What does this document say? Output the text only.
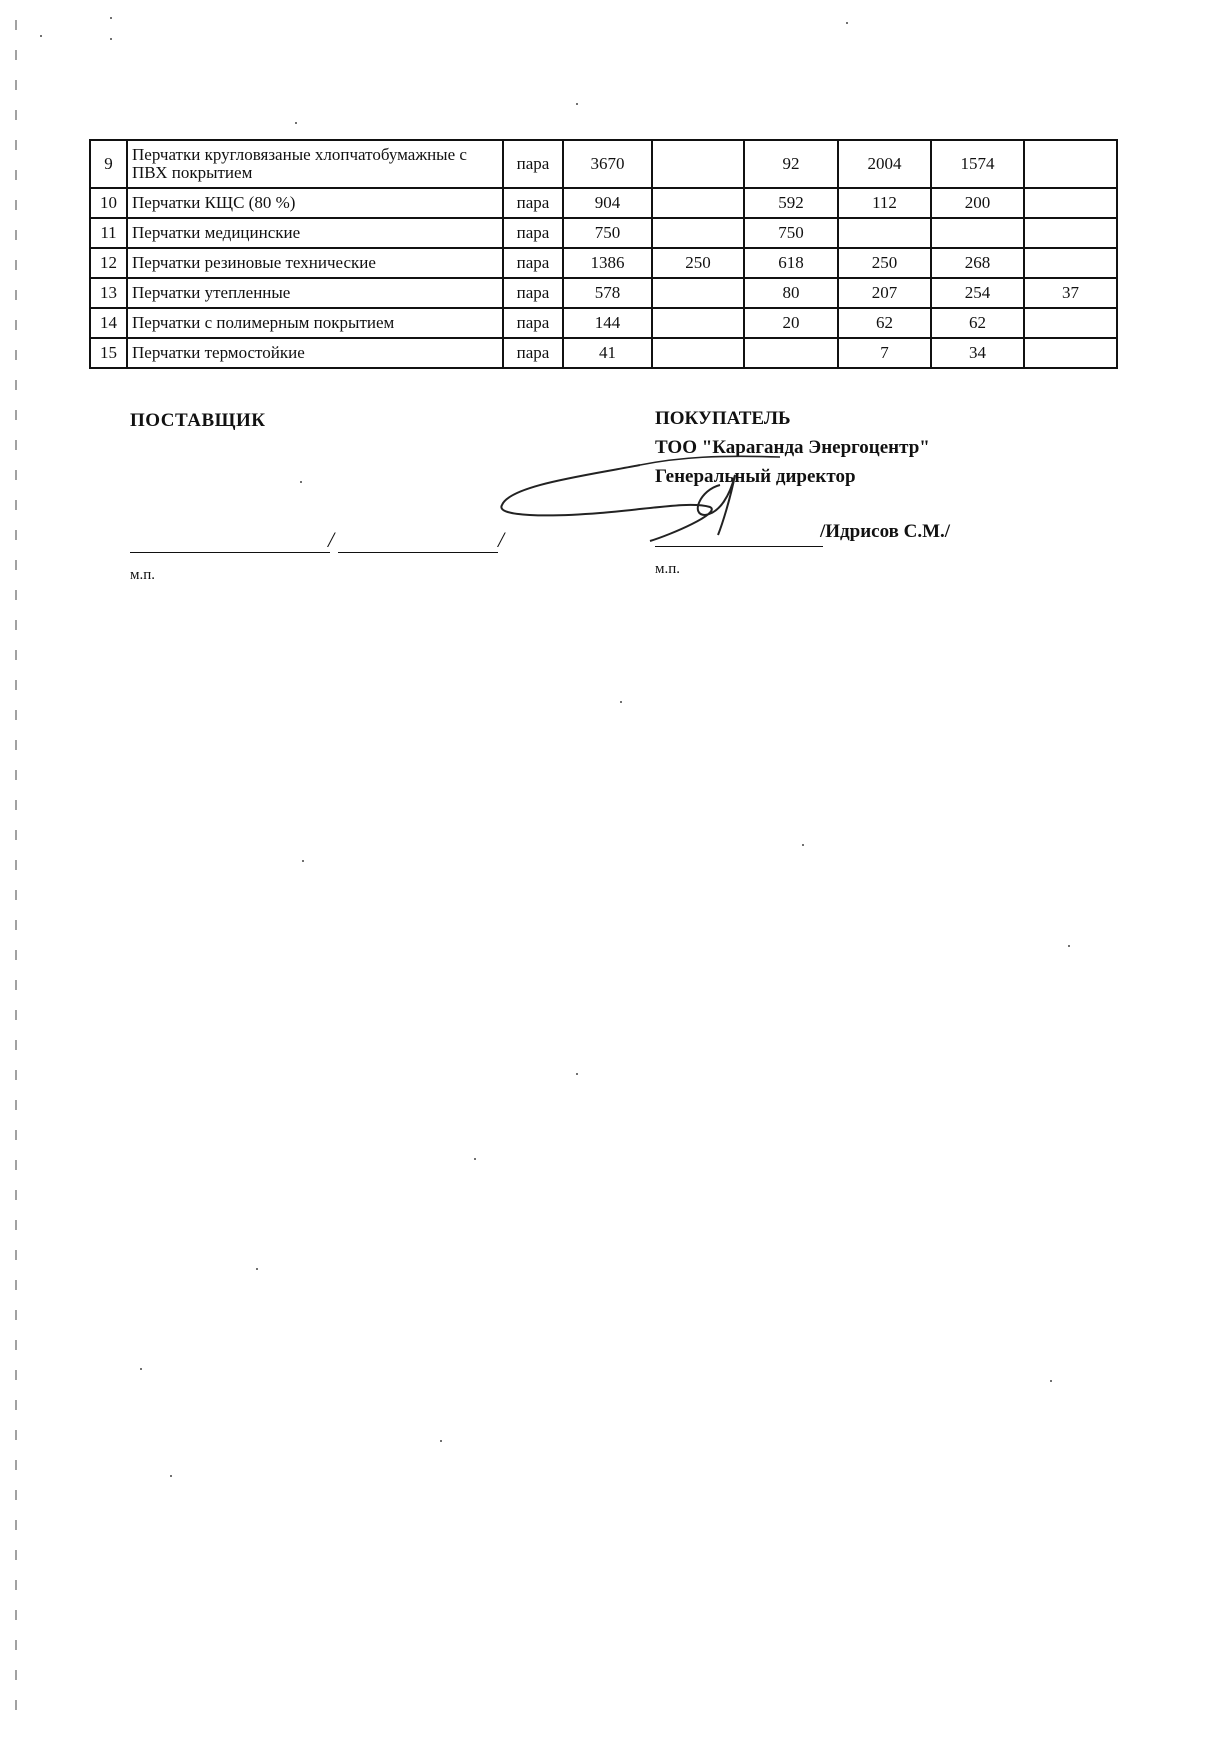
9	Перчатки кругловязаные хлопчатобумажные с ПВХ покрытием	пара	3670		92	2004	1574	
10	Перчатки КЩС (80 %)	пара	904		592	112	200	
11	Перчатки медицинские	пара	750		750			
12	Перчатки резиновые технические	пара	1386	250	618	250	268	
13	Перчатки утепленные	пара	578		80	207	254	37
14	Перчатки с полимерным покрытием	пара	144		20	62	62	
15	Перчатки термостойкие	пара	41			7	34	
ПОСТАВЩИК
/	/
м.п.
ПОКУПАТЕЛЬ
ТОО "Караганда Энергоцентр"
Генеральный директор
/Идрисов С.М./
м.п.
